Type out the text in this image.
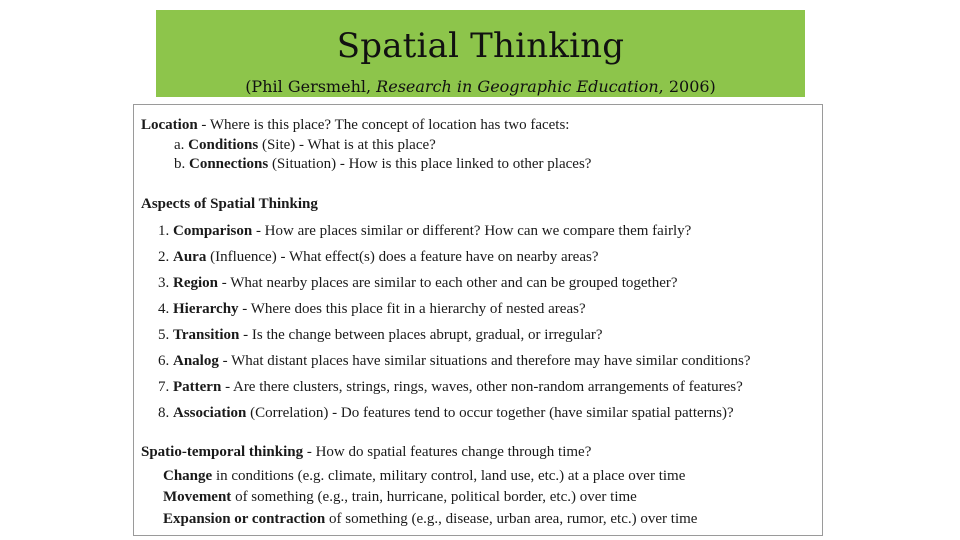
Spatial Thinking
(Phil Gersmehl, Research in Geographic Education, 2006)
Location - Where is this place? The concept of location has two facets:
a. Conditions (Site) - What is at this place?
b. Connections (Situation) - How is this place linked to other places?
Aspects of Spatial Thinking
1. Comparison - How are places similar or different? How can we compare them fairly?
2. Aura (Influence) - What effect(s) does a feature have on nearby areas?
3. Region - What nearby places are similar to each other and can be grouped together?
4. Hierarchy - Where does this place fit in a hierarchy of nested areas?
5. Transition - Is the change between places abrupt, gradual, or irregular?
6. Analog - What distant places have similar situations and therefore may have similar conditions?
7. Pattern - Are there clusters, strings, rings, waves, other non-random arrangements of features?
8. Association (Correlation) - Do features tend to occur together (have similar spatial patterns)?
Spatio-temporal thinking - How do spatial features change through time?
Change in conditions (e.g. climate, military control, land use, etc.) at a place over time
Movement of something (e.g., train, hurricane, political border, etc.) over time
Expansion or contraction of something (e.g., disease, urban area, rumor, etc.) over time
